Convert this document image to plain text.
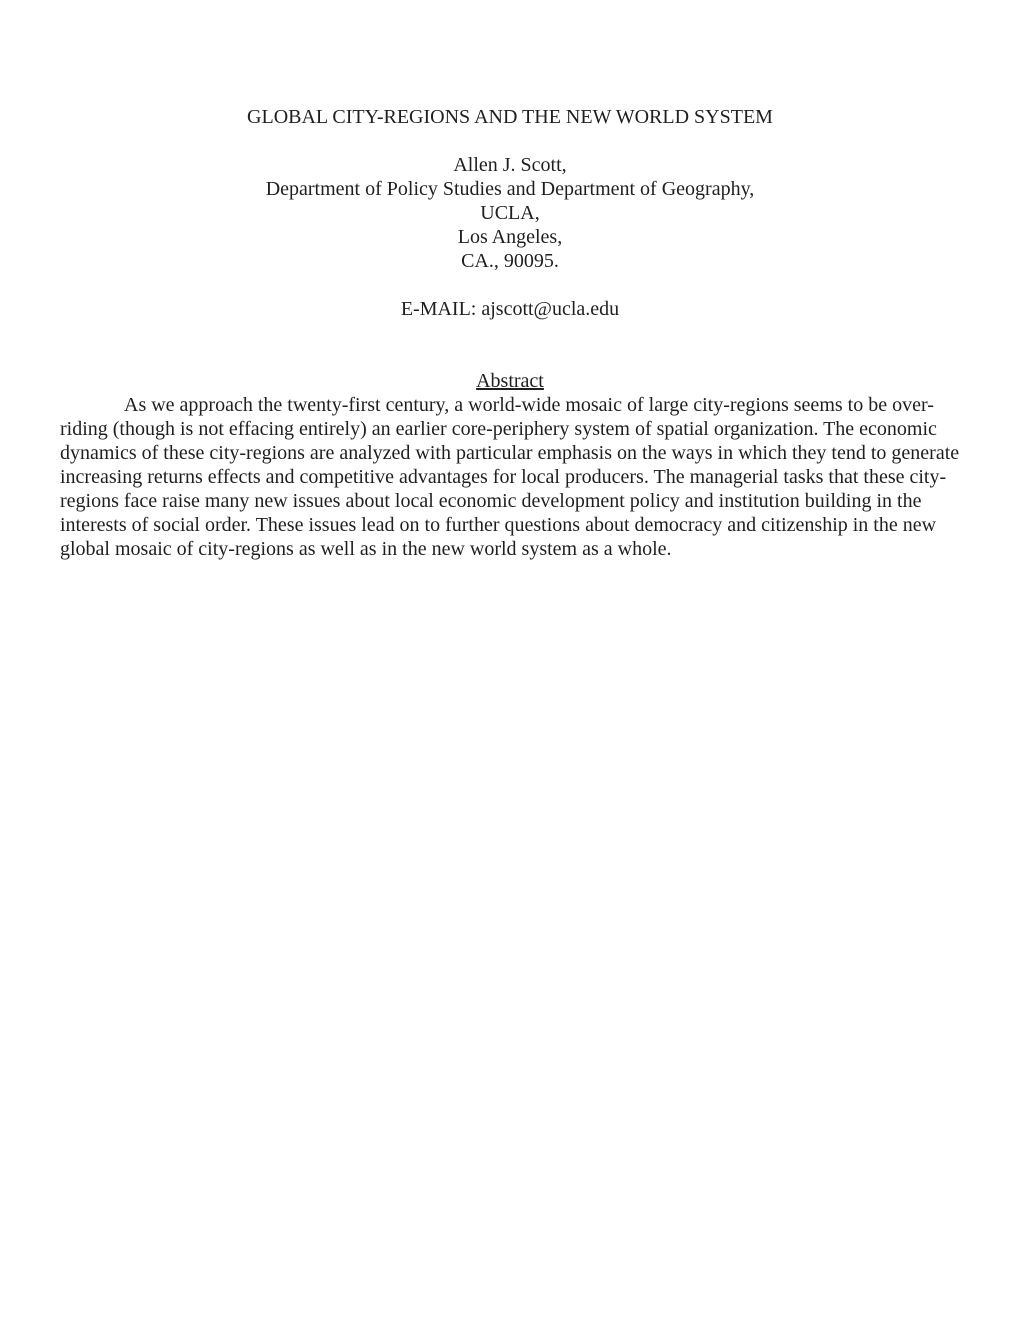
GLOBAL CITY-REGIONS AND THE NEW WORLD SYSTEM
Allen J. Scott,
Department of Policy Studies and Department of Geography,
UCLA,
Los Angeles,
CA., 90095.
E-MAIL: ajscott@ucla.edu
Abstract
As we approach the twenty-first century, a world-wide mosaic of large city-regions seems to be over-
riding (though is not effacing entirely) an earlier core-periphery system of spatial organization. The economic
dynamics of these city-regions are analyzed with particular emphasis on the ways in which they tend to generate
increasing returns effects and competitive advantages for local producers. The managerial tasks that these city-
regions face raise many new issues about local economic development policy and institution building in the
interests of social order. These issues lead on to further questions about democracy and citizenship in the new
global mosaic of city-regions as well as in the new world system as a whole.
